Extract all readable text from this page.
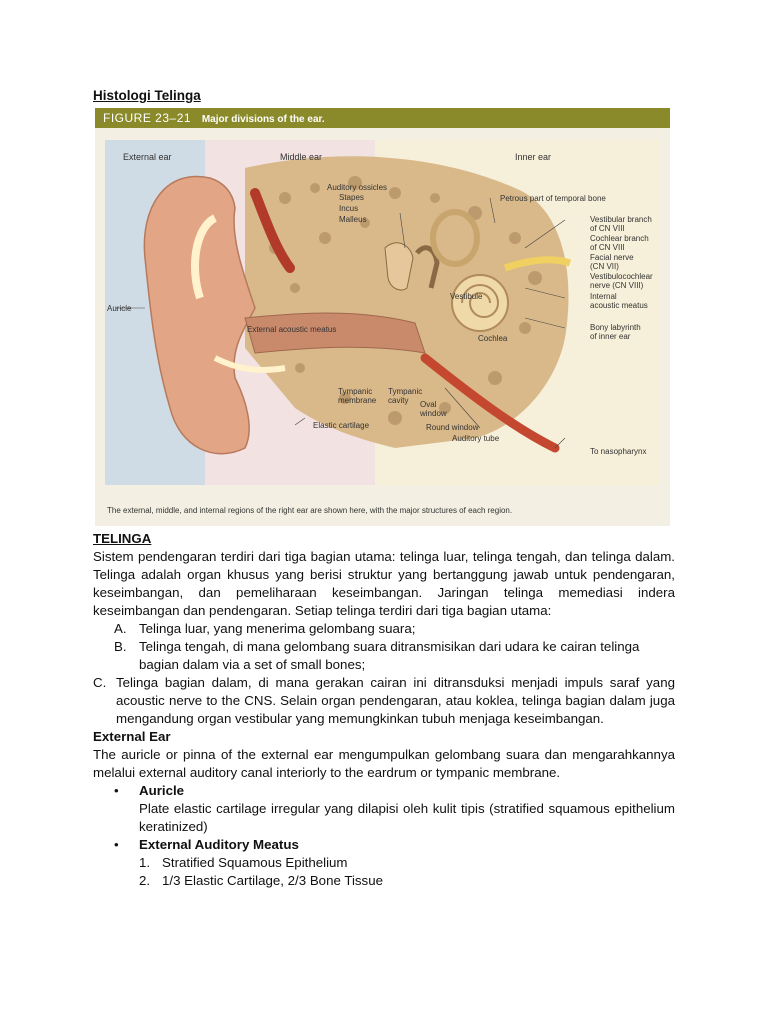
Histologi Telinga
FIGURE 23–21 Major divisions of the ear.
External ear	Middle ear	Inner ear
Auricle
External acoustic meatus
Elastic cartilage
Auditory ossicles
Stapes
Incus
Malleus
Petrous part of temporal bone
Vestibular branch
of CN VIII
Cochlear branch
of CN VIII
Facial nerve
(CN VII)
Vestibulocochlear
nerve (CN VIII)
Internal
acoustic meatus
Bony labyrinth
of inner ear
Vestibule
Cochlea
Tympanic
membrane
Tympanic
cavity	Oval
window
Round window
Auditory tube
To nasopharynx
The external, middle, and internal regions of the right ear are shown here, with the major structures of each region.
TELINGA

Sistem pendengaran terdiri dari tiga bagian utama: telinga luar, telinga tengah, dan telinga dalam. Telinga adalah organ khusus yang berisi struktur yang bertanggung jawab untuk pendengaran, keseimbangan, dan pemeliharaan keseimbangan. Jaringan telinga memediasi indera keseimbangan dan pendengaran. Setiap telinga terdiri dari tiga bagian utama:

A. Telinga luar, yang menerima gelombang suara;
B. Telinga tengah, di mana gelombang suara ditransmisikan dari udara ke cairan telinga bagian dalam via a set of small bones;
C. Telinga bagian dalam, di mana gerakan cairan ini ditransduksi menjadi impuls saraf yang acoustic nerve to the CNS. Selain organ pendengaran, atau koklea, telinga bagian dalam juga mengandung organ vestibular yang memungkinkan tubuh menjaga keseimbangan.
External Ear

The auricle or pinna of the external ear mengumpulkan gelombang suara dan mengarahkannya melalui external auditory canal interiorly to the eardrum or tympanic membrane.

• Auricle
Plate elastic cartilage irregular yang dilapisi oleh kulit tipis (stratified squamous epithelium keratinized)
• External Auditory Meatus
1. Stratified Squamous Epithelium
2. 1/3 Elastic Cartilage, 2/3 Bone Tissue
